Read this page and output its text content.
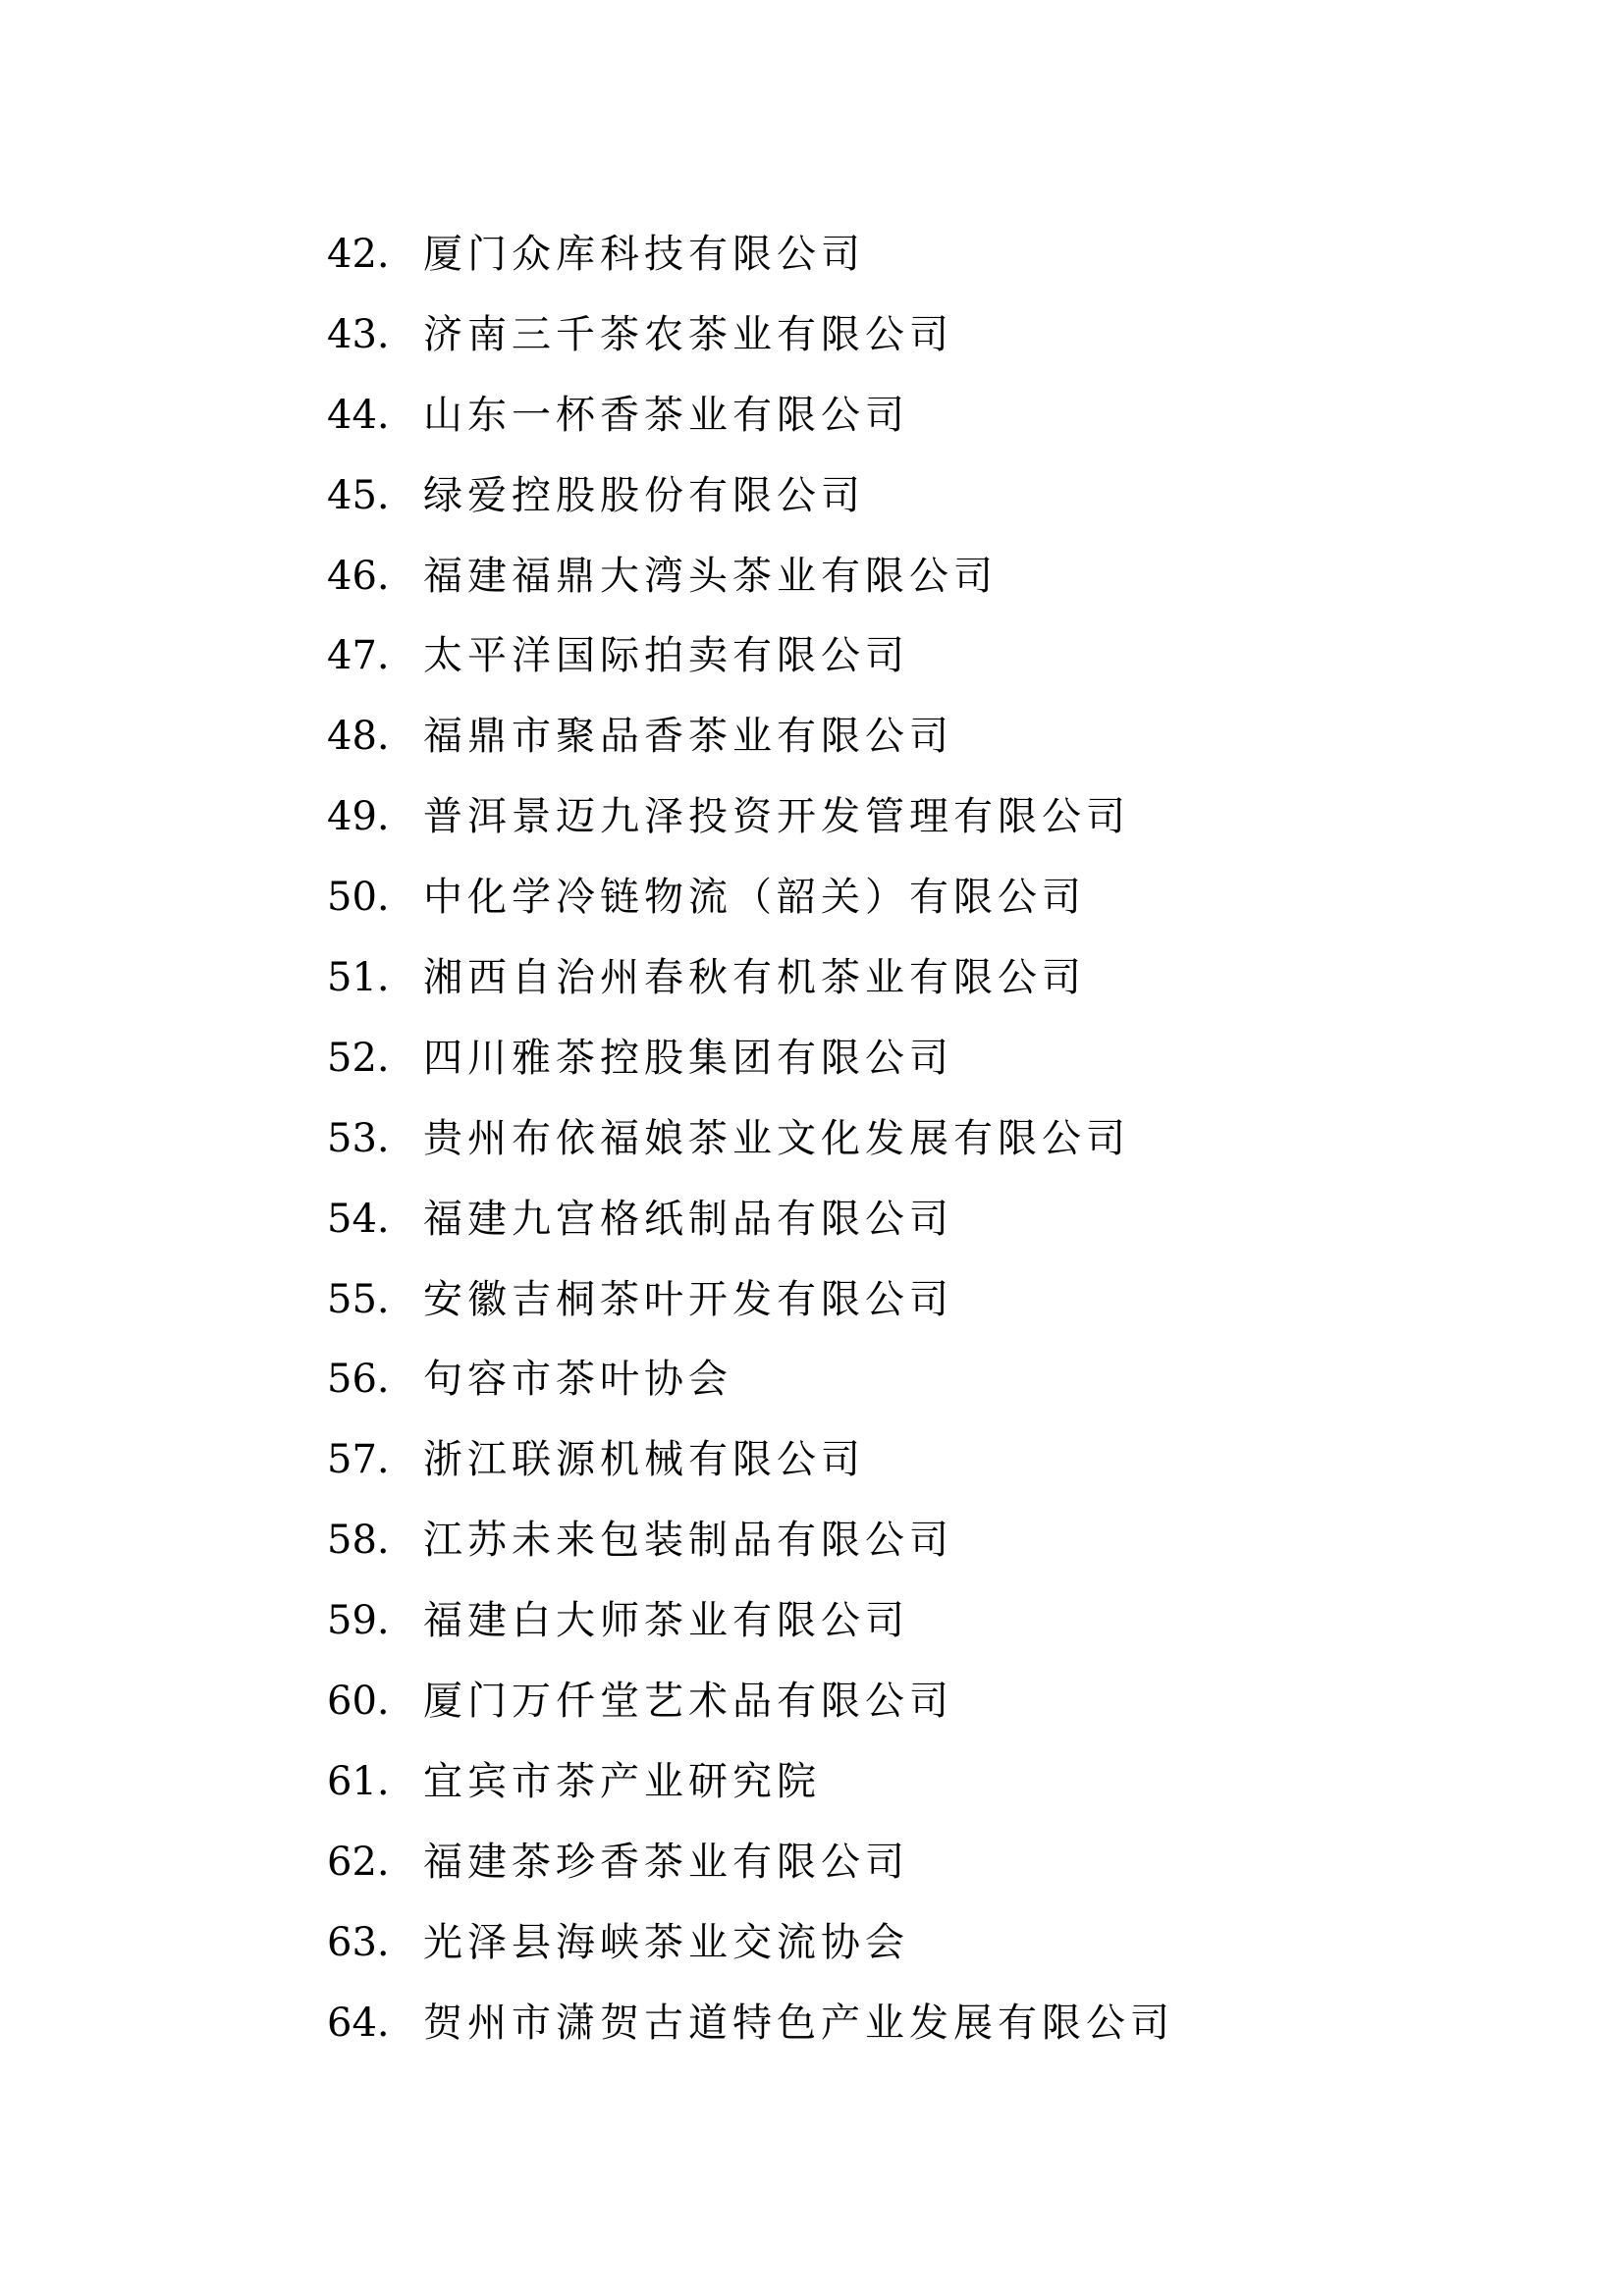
42. 厦门众库科技有限公司
43. 济南三千茶农茶业有限公司
44. 山东一杯香茶业有限公司
45. 绿爱控股股份有限公司
46. 福建福鼎大湾头茶业有限公司
47. 太平洋国际拍卖有限公司
48. 福鼎市聚品香茶业有限公司
49. 普洱景迈九泽投资开发管理有限公司
50. 中化学冷链物流（韶关）有限公司
51. 湘西自治州春秋有机茶业有限公司
52. 四川雅茶控股集团有限公司
53. 贵州布依福娘茶业文化发展有限公司
54. 福建九宫格纸制品有限公司
55. 安徽吉桐茶叶开发有限公司
56. 句容市茶叶协会
57. 浙江联源机械有限公司
58. 江苏未来包装制品有限公司
59. 福建白大师茶业有限公司
60. 厦门万仟堂艺术品有限公司
61. 宜宾市茶产业研究院
62. 福建茶珍香茶业有限公司
63. 光泽县海峡茶业交流协会
64. 贺州市潇贺古道特色产业发展有限公司
